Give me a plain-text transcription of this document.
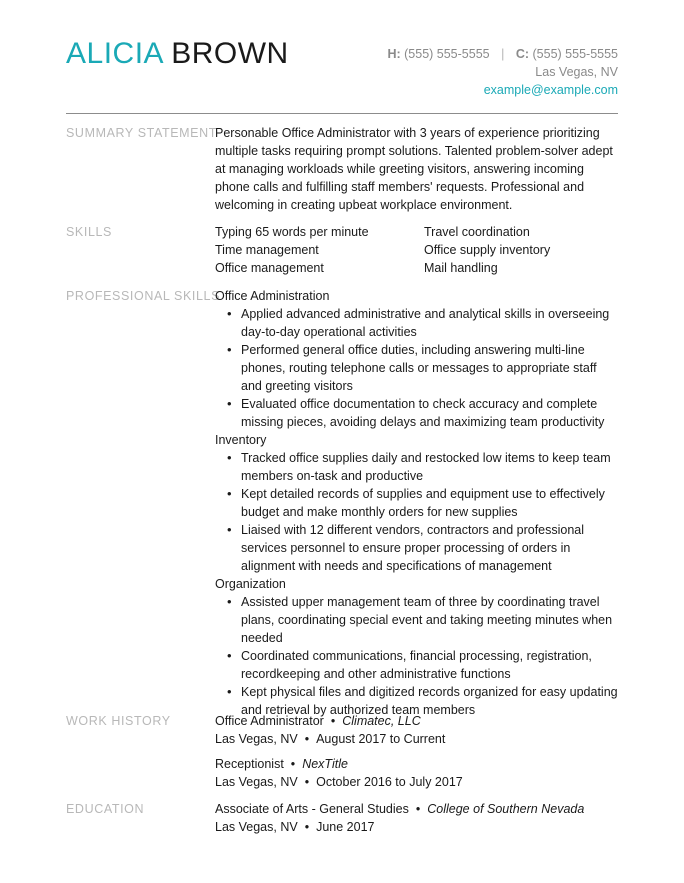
ALICIA BROWN	H: (555) 555-5555 | C: (555) 555-5555
Las Vegas, NV
example@example.com
SUMMARY STATEMENT
Personable Office Administrator with 3 years of experience prioritizing multiple tasks requiring prompt solutions. Talented problem-solver adept at managing workloads while greeting visitors, answering incoming phone calls and fulfilling staff members' requests. Professional and welcoming in creating upbeat workplace environment.
SKILLS	Typing 65 words per minute	Travel coordination
Time management	Office supply inventory
Office management	Mail handling
PROFESSIONAL SKILLS
Office Administration
• Applied advanced administrative and analytical skills in overseeing day-to-day operational activities
• Performed general office duties, including answering multi-line phones, routing telephone calls or messages to appropriate staff and greeting visitors
• Evaluated office documentation to check accuracy and complete missing pieces, avoiding delays and maximizing team productivity
Inventory
• Tracked office supplies daily and restocked low items to keep team members on-task and productive
• Kept detailed records of supplies and equipment use to effectively budget and make monthly orders for new supplies
• Liaised with 12 different vendors, contractors and professional services personnel to ensure proper processing of orders in alignment with needs and specifications of management
Organization
• Assisted upper management team of three by coordinating travel plans, coordinating special event and taking meeting minutes when needed
• Coordinated communications, financial processing, registration, recordkeeping and other administrative functions
• Kept physical files and digitized records organized for easy updating and retrieval by authorized team members
WORK HISTORY	Office Administrator • Climatec, LLC
Las Vegas, NV • August 2017 to Current
Receptionist • NexTitle
Las Vegas, NV • October 2016 to July 2017
EDUCATION	Associate of Arts - General Studies • College of Southern Nevada
Las Vegas, NV • June 2017
